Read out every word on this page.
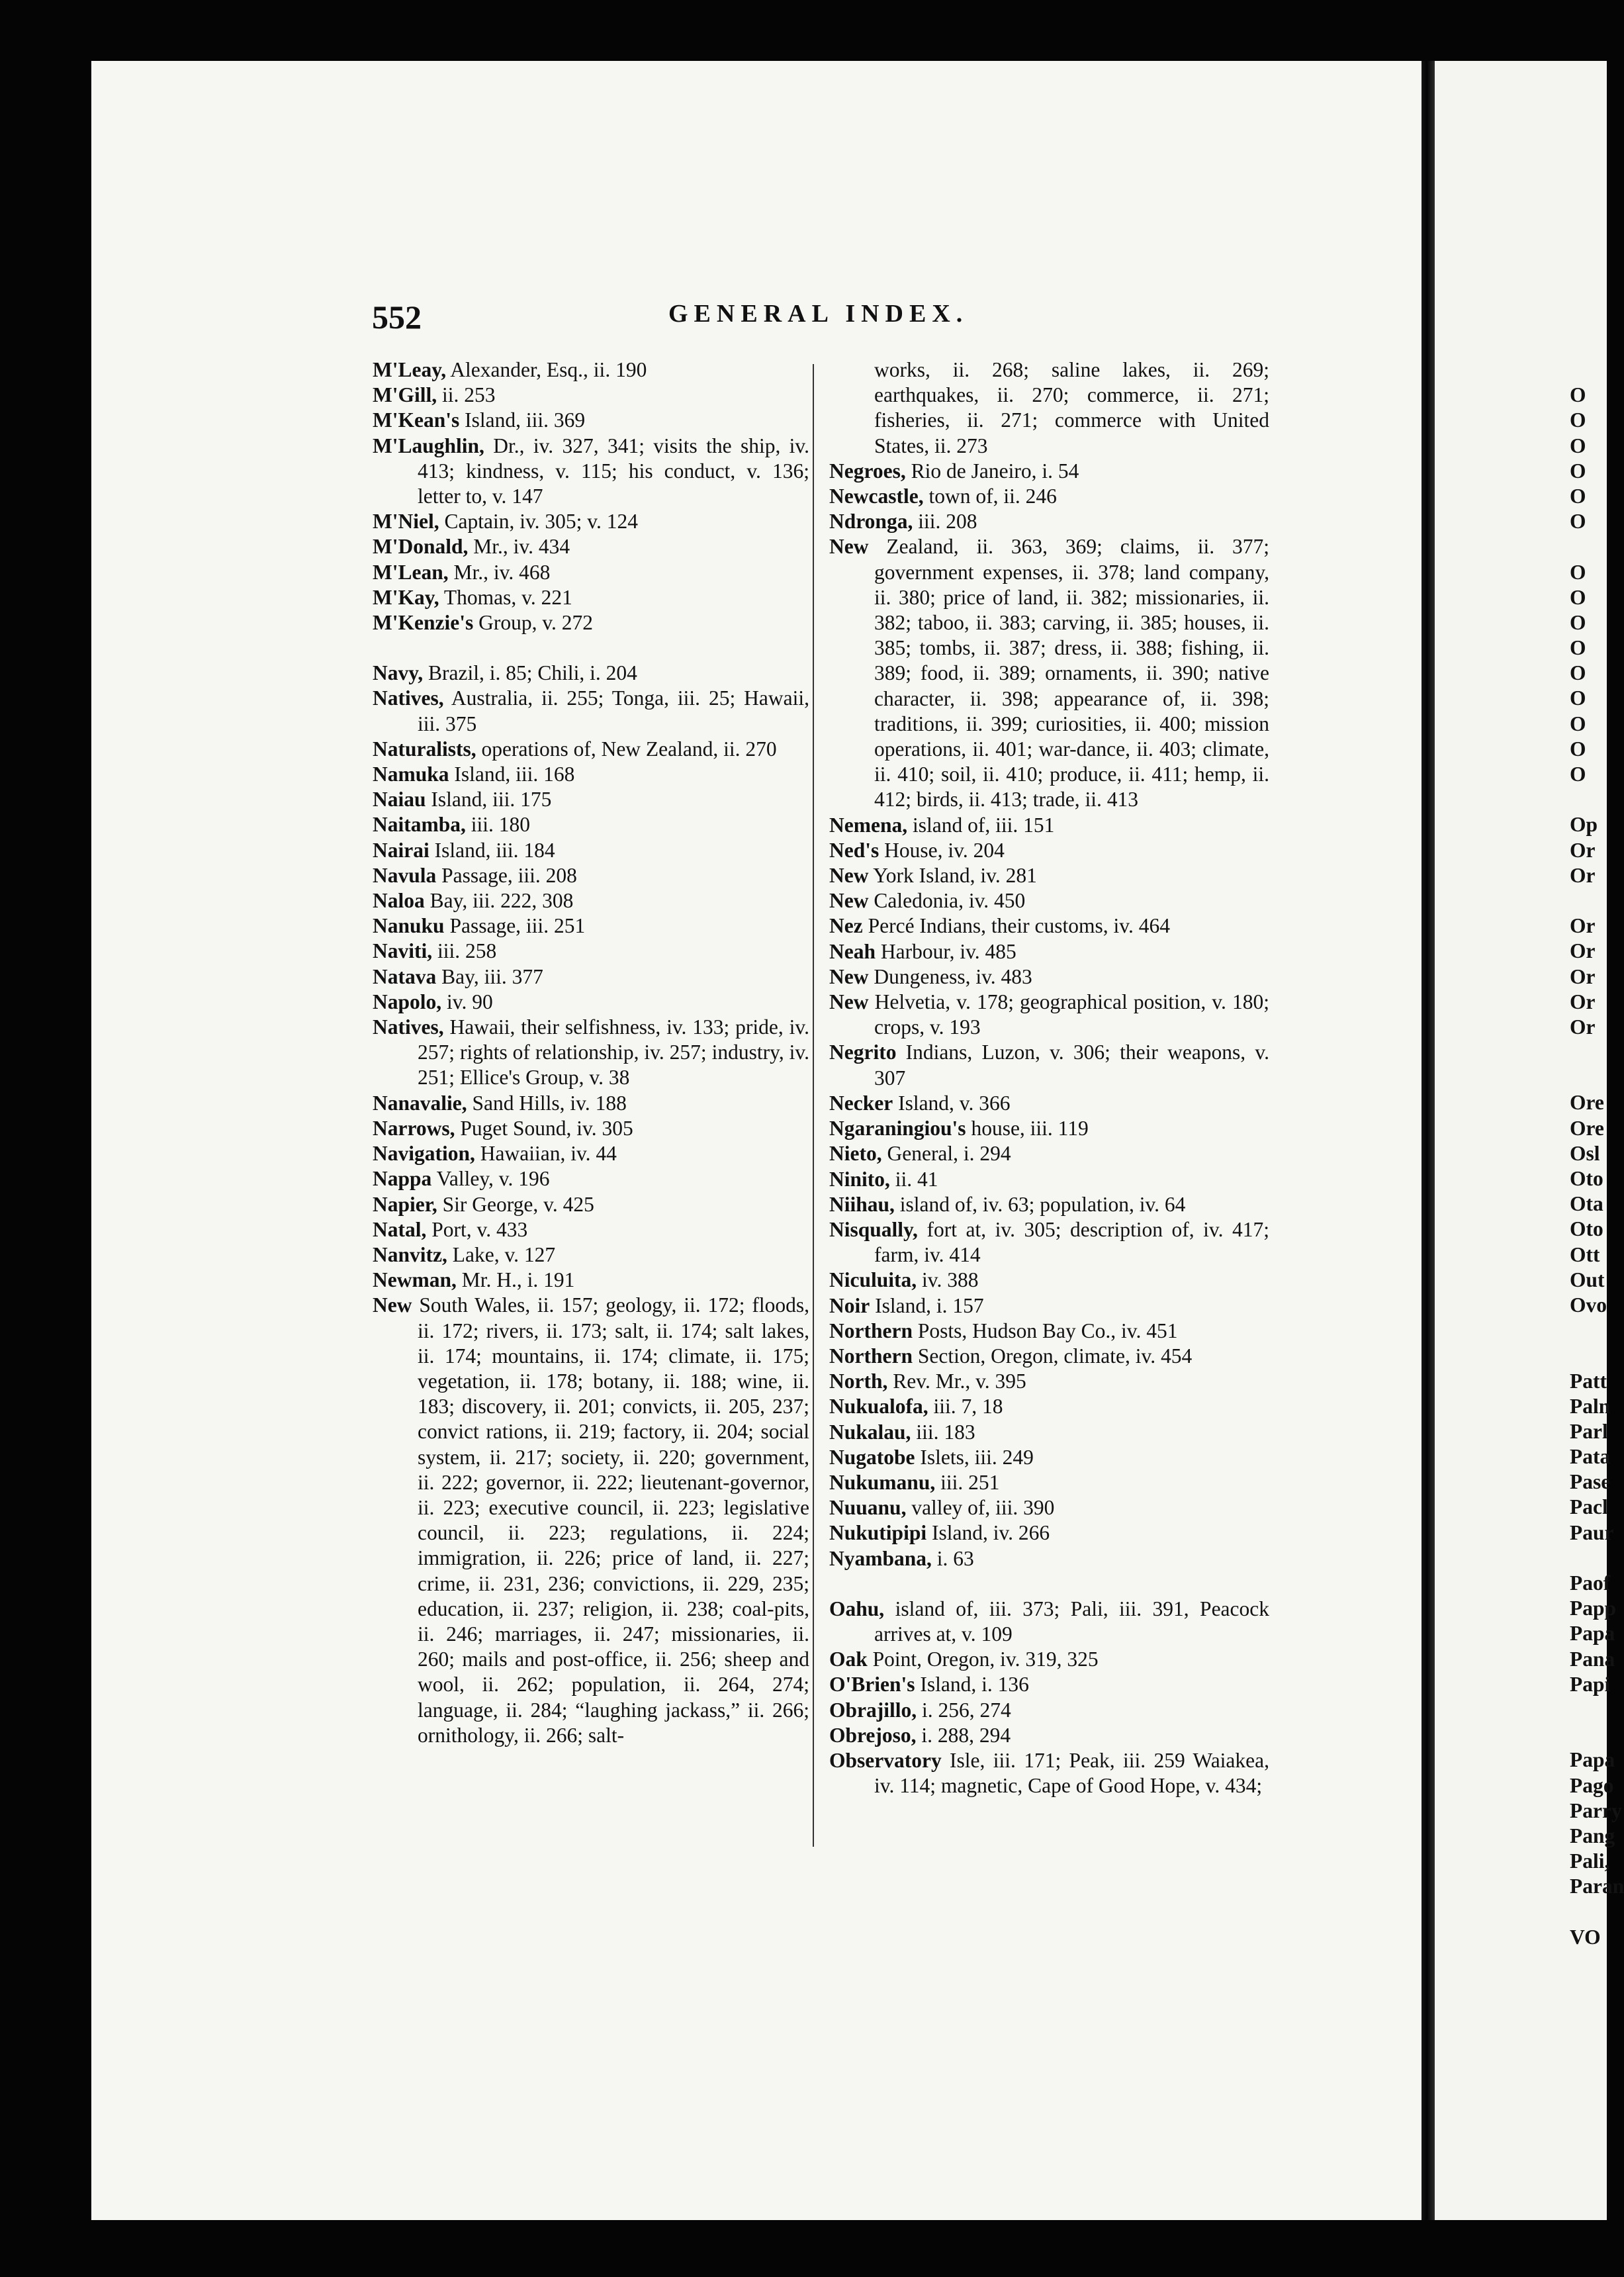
552	GENERAL INDEX.
M'Leay, Alexander, Esq., ii. 190
M'Gill, ii. 253
M'Kean's Island, iii. 369
M'Laughlin, Dr., iv. 327, 341; visits the ship, iv. 413; kindness, v. 115; his conduct, v. 136; letter to, v. 147
M'Niel, Captain, iv. 305; v. 124
M'Donald, Mr., iv. 434
M'Lean, Mr., iv. 468
M'Kay, Thomas, v. 221
M'Kenzie's Group, v. 272
Navy, Brazil, i. 85; Chili, i. 204
Natives, Australia, ii. 255; Tonga, iii. 25; Hawaii, iii. 375
Naturalists, operations of, New Zealand, ii. 270
Namuka Island, iii. 168
Naiau Island, iii. 175
Naitamba, iii. 180
Nairai Island, iii. 184
Navula Passage, iii. 208
Naloa Bay, iii. 222, 308
Nanuku Passage, iii. 251
Naviti, iii. 258
Natava Bay, iii. 377
Napolo, iv. 90
Natives, Hawaii, their selfishness, iv. 133; pride, iv. 257; rights of relationship, iv. 257; industry, iv. 251; Ellice's Group, v. 38
Nanavalie, Sand Hills, iv. 188
Narrows, Puget Sound, iv. 305
Navigation, Hawaiian, iv. 44
Nappa Valley, v. 196
Napier, Sir George, v. 425
Natal, Port, v. 433
Nanvitz, Lake, v. 127
Newman, Mr. H., i. 191
New South Wales, ii. 157; geology, ii. 172; floods, ii. 172; rivers, ii. 173; salt, ii. 174; salt lakes, ii. 174; mountains, ii. 174; climate, ii. 175; vegetation, ii. 178; botany, ii. 188; wine, ii. 183; discovery, ii. 201; convicts, ii. 205, 237; convict rations, ii. 219; factory, ii. 204; social system, ii. 217; society, ii. 220; government, ii. 222; governor, ii. 222; lieutenant-governor, ii. 223; executive council, ii. 223; legislative council, ii. 223; regulations, ii. 224; immigration, ii. 226; price of land, ii. 227; crime, ii. 231, 236; convictions, ii. 229, 235; education, ii. 237; religion, ii. 238; coal-pits, ii. 246; marriages, ii. 247; missionaries, ii. 260; mails and post-office, ii. 256; sheep and wool, ii. 262; population, ii. 264, 274; language, ii. 284; “laughing jackass,” ii. 266; ornithology, ii. 266; salt-
works, ii. 268; saline lakes, ii. 269; earthquakes, ii. 270; commerce, ii. 271; fisheries, ii. 271; commerce with United States, ii. 273
Negroes, Rio de Janeiro, i. 54
Newcastle, town of, ii. 246
Ndronga, iii. 208
New Zealand, ii. 363, 369; claims, ii. 377; government expenses, ii. 378; land company, ii. 380; price of land, ii. 382; missionaries, ii. 382; taboo, ii. 383; carving, ii. 385; houses, ii. 385; tombs, ii. 387; dress, ii. 388; fishing, ii. 389; food, ii. 389; ornaments, ii. 390; native character, ii. 398; appearance of, ii. 398; traditions, ii. 399; curiosities, ii. 400; mission operations, ii. 401; war-dance, ii. 403; climate, ii. 410; soil, ii. 410; produce, ii. 411; hemp, ii. 412; birds, ii. 413; trade, ii. 413
Nemena, island of, iii. 151
Ned's House, iv. 204
New York Island, iv. 281
New Caledonia, iv. 450
Nez Percé Indians, their customs, iv. 464
Neah Harbour, iv. 485
New Dungeness, iv. 483
New Helvetia, v. 178; geographical position, v. 180; crops, v. 193
Negrito Indians, Luzon, v. 306; their weapons, v. 307
Necker Island, v. 366
Ngaraningiou's house, iii. 119
Nieto, General, i. 294
Ninito, ii. 41
Niihau, island of, iv. 63; population, iv. 64
Nisqually, fort at, iv. 305; description of, iv. 417; farm, iv. 414
Niculuita, iv. 388
Noir Island, i. 157
Northern Posts, Hudson Bay Co., iv. 451
Northern Section, Oregon, climate, iv. 454
North, Rev. Mr., v. 395
Nukualofa, iii. 7, 18
Nukalau, iii. 183
Nugatobe Islets, iii. 249
Nukumanu, iii. 251
Nuuanu, valley of, iii. 390
Nukutipipi Island, iv. 266
Nyambana, i. 63
Oahu, island of, iii. 373; Pali, iii. 391, Peacock arrives at, v. 109
Oak Point, Oregon, iv. 319, 325
O'Brien's Island, i. 136
Obrajillo, i. 256, 274
Obrejoso, i. 288, 294
Observatory Isle, iii. 171; Peak, iii. 259 Waiakea, iv. 114; magnetic, Cape of Good Hope, v. 434;
O
O
O
O
O
O
O
O
O
O
O
O
O
O
O
Op
Or
Or
Or
Or
Or
Or
Or
Ore
Ore
Osl
Oto
Ota
Oto
Ott
Out
Ovo
Patt
Paln
Parl
Pata
Pase
Pacl
Paur
Paof
Papp
Papa
Pana
Papi
Papa
Pago
Parry
Pang
Pali,
Paran
VO
